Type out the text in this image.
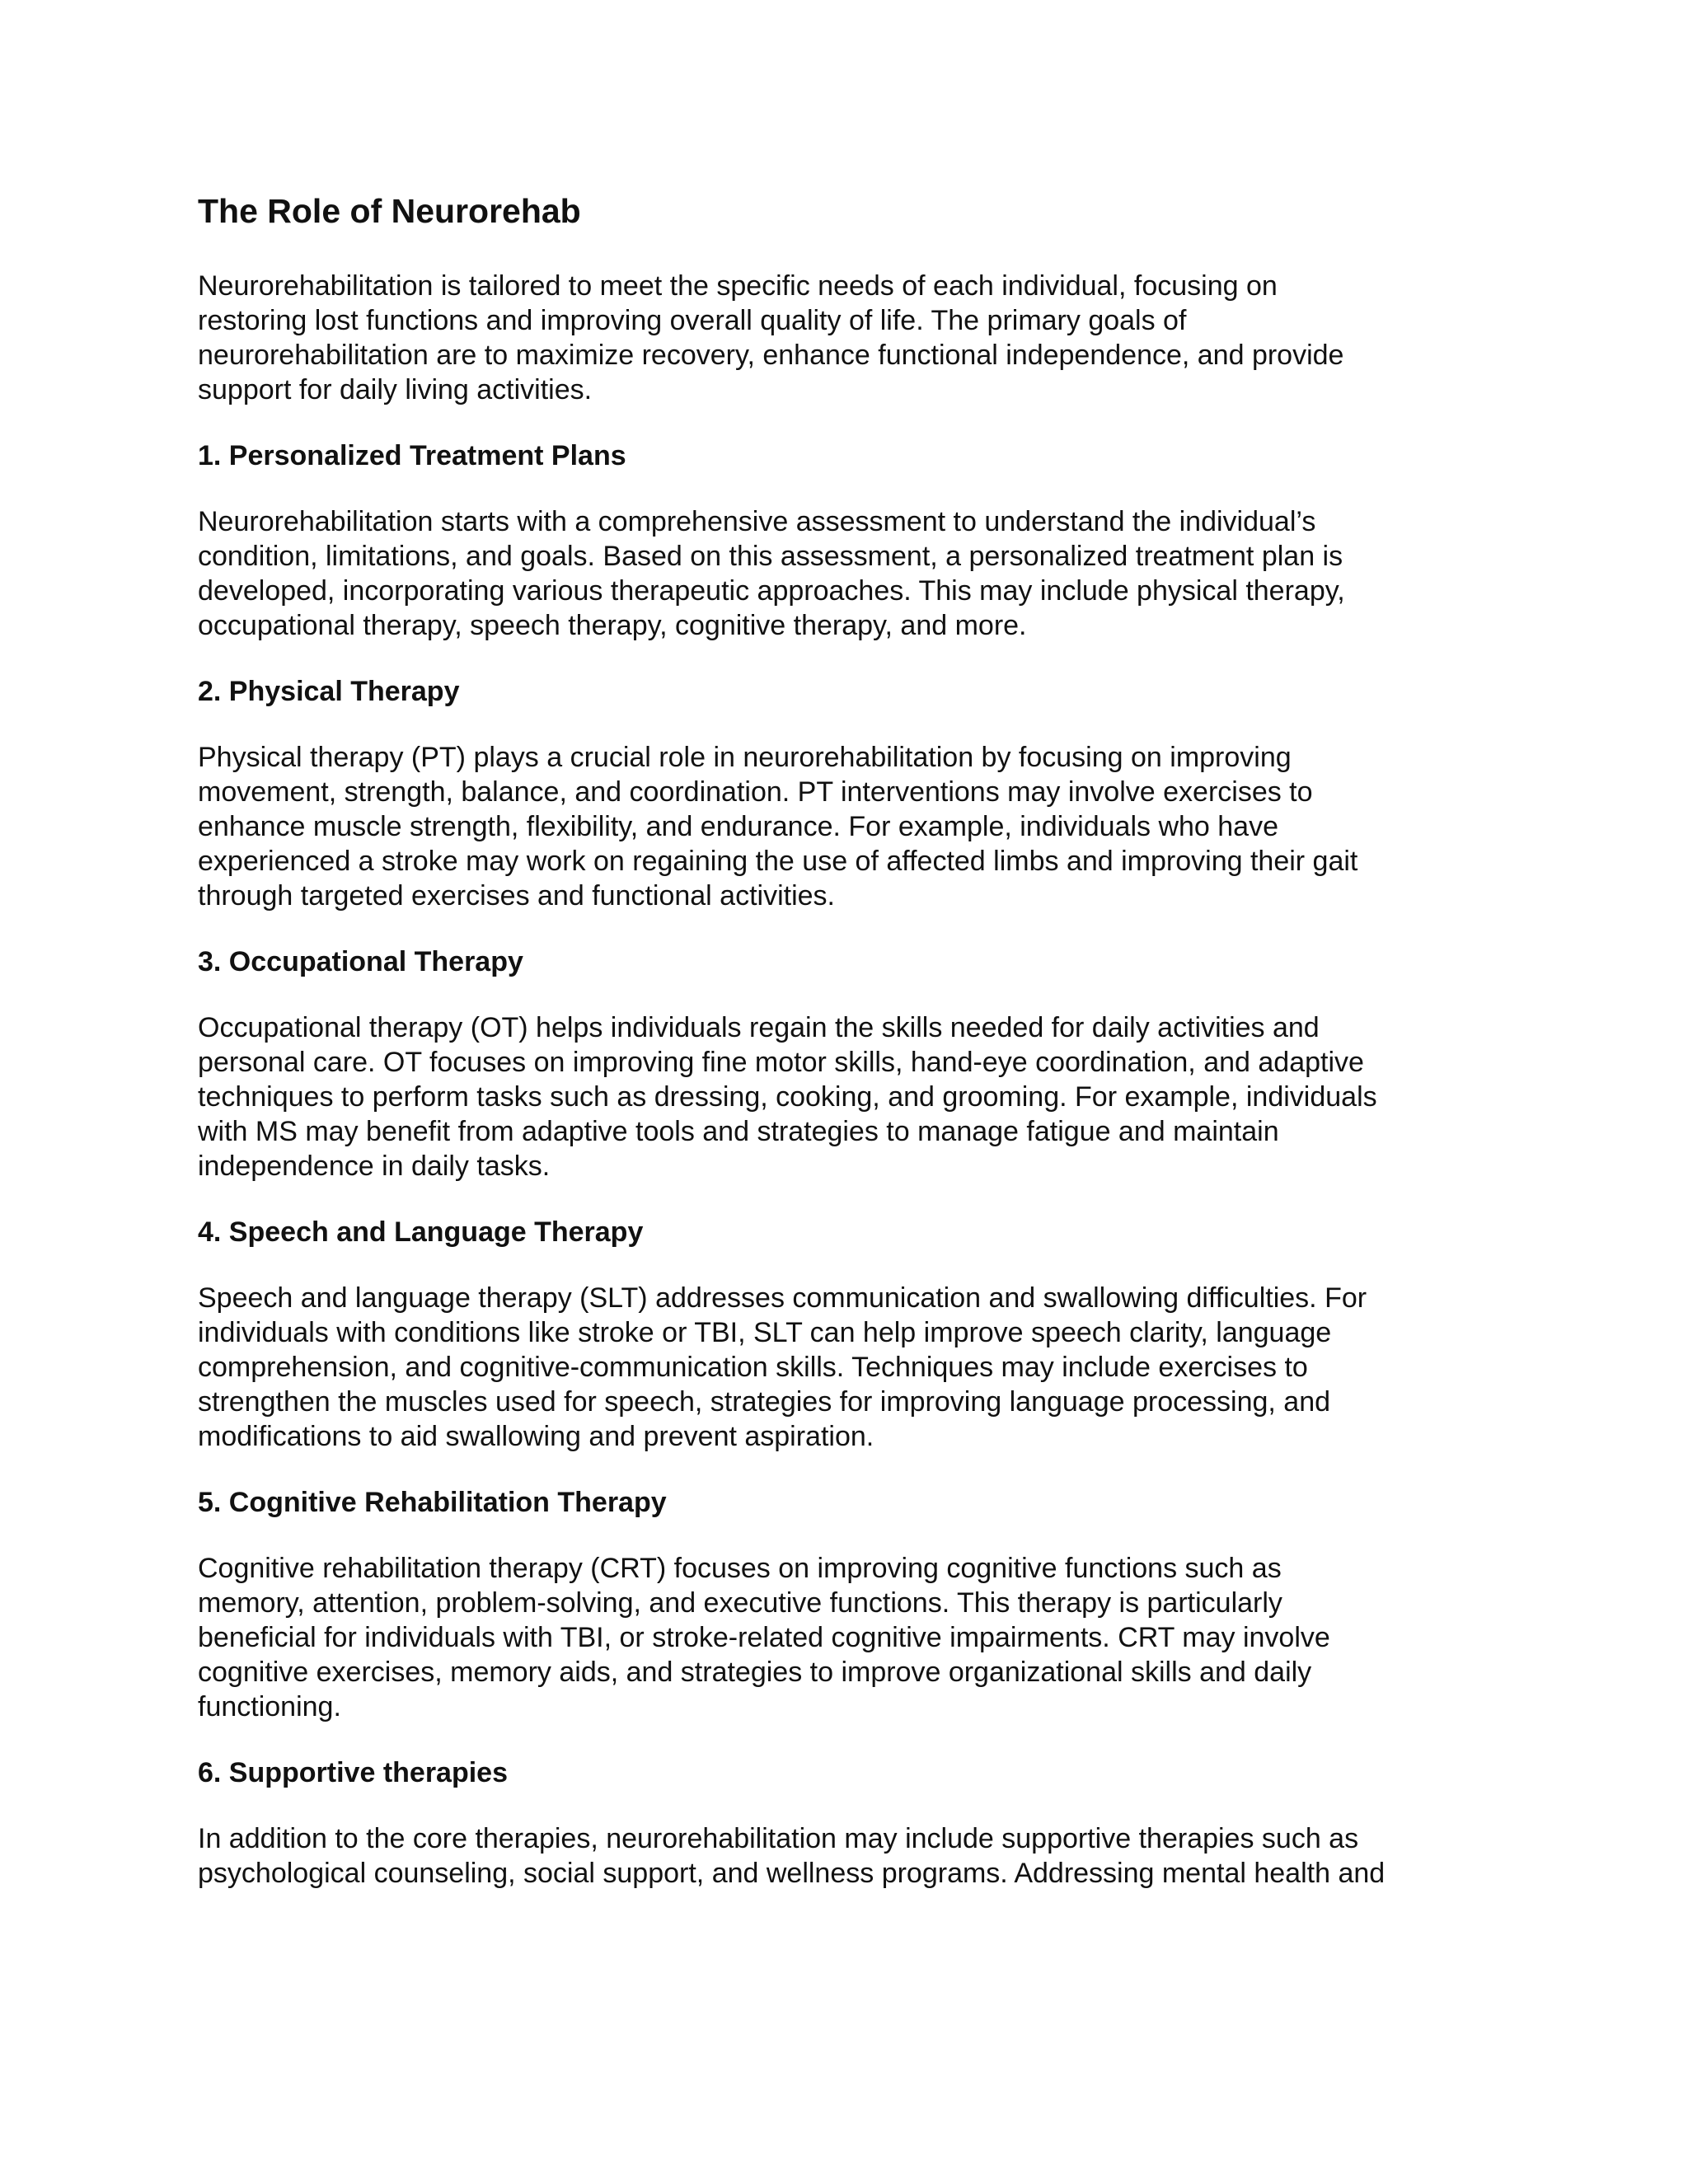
The Role of Neurorehab

Neurorehabilitation is tailored to meet the specific needs of each individual, focusing on
restoring lost functions and improving overall quality of life. The primary goals of
neurorehabilitation are to maximize recovery, enhance functional independence, and provide
support for daily living activities.

1. Personalized Treatment Plans

Neurorehabilitation starts with a comprehensive assessment to understand the individual’s
condition, limitations, and goals. Based on this assessment, a personalized treatment plan is
developed, incorporating various therapeutic approaches. This may include physical therapy,
occupational therapy, speech therapy, cognitive therapy, and more.

2. Physical Therapy

Physical therapy (PT) plays a crucial role in neurorehabilitation by focusing on improving
movement, strength, balance, and coordination. PT interventions may involve exercises to
enhance muscle strength, flexibility, and endurance. For example, individuals who have
experienced a stroke may work on regaining the use of affected limbs and improving their gait
through targeted exercises and functional activities.

3. Occupational Therapy

Occupational therapy (OT) helps individuals regain the skills needed for daily activities and
personal care. OT focuses on improving fine motor skills, hand-eye coordination, and adaptive
techniques to perform tasks such as dressing, cooking, and grooming. For example, individuals
with MS may benefit from adaptive tools and strategies to manage fatigue and maintain
independence in daily tasks.

4. Speech and Language Therapy

Speech and language therapy (SLT) addresses communication and swallowing difficulties. For
individuals with conditions like stroke or TBI, SLT can help improve speech clarity, language
comprehension, and cognitive-communication skills. Techniques may include exercises to
strengthen the muscles used for speech, strategies for improving language processing, and
modifications to aid swallowing and prevent aspiration.

5. Cognitive Rehabilitation Therapy

Cognitive rehabilitation therapy (CRT) focuses on improving cognitive functions such as
memory, attention, problem-solving, and executive functions. This therapy is particularly
beneficial for individuals with TBI, or stroke-related cognitive impairments. CRT may involve
cognitive exercises, memory aids, and strategies to improve organizational skills and daily
functioning.

6. Supportive therapies

In addition to the core therapies, neurorehabilitation may include supportive therapies such as
psychological counseling, social support, and wellness programs. Addressing mental health and
